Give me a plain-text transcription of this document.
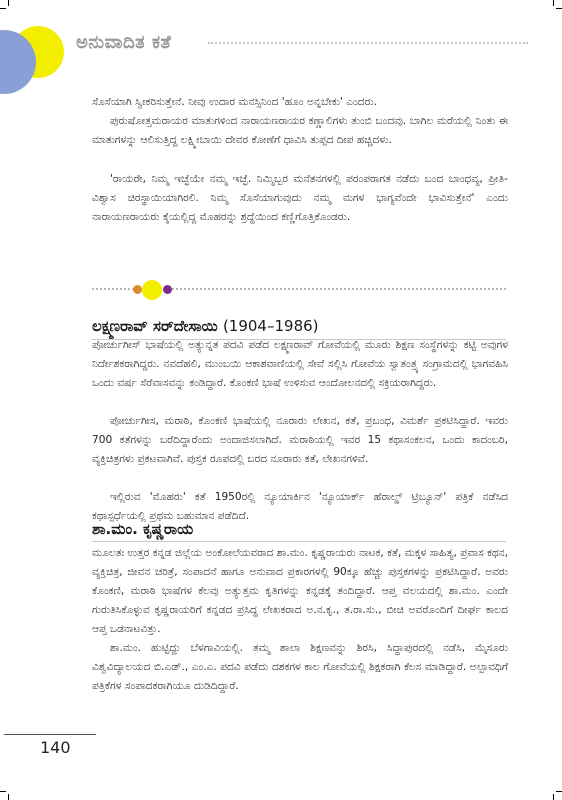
ಅನುವಾದಿತ ಕತೆ

ಸೊಸೆಯಾಗಿ ಸ್ವೀಕರಿಸುತ್ತೇನೆ. ನೀವು ಉದಾರ ಮನಸ್ಸಿನಿಂದ 'ಹೂಂ ಅನ್ನಬೇಕು' ಎಂದರು.

ಪುರುಷೋತ್ತಮರಾಯರ ಮಾತುಗಳಿಂದ ನಾರಾಯಣರಾಯರ ಕಣ್ಣಾಲಿಗಳು ತುಂಬಿ ಬಂದವು. ಬಾಗಿಲ ಮರೆಯಲ್ಲಿ ನಿಂತು ಈ ಮಾತುಗಳನ್ನು ಆಲಿಸುತ್ತಿದ್ದ ಲಕ್ಷ್ಮೀಬಾಯಿ ದೇವರ ಕೋಣೆಗೆ ಧಾವಿಸಿ ತುಪ್ಪದ ದೀಪ ಹಚ್ಚಿದಳು.

'ರಾಯರೇ, ನಿಮ್ಮ ಇಚ್ಛೆಯೇ ನಮ್ಮ ಇಚ್ಛೆ. ನಿಮ್ಮಿಬ್ಬರ ಮನೆತನಗಳಲ್ಲಿ ಪರಂಪರಾಗತ ನಡೆದು ಬಂದ ಬಾಂಧವ್ಯ, ಪ್ರೀತಿ-ವಿಶ್ವಾಸ ಚಿರಸ್ಥಾಯಿಯಾಗಿರಲಿ. ನಿಮ್ಮ ಸೊಸೆಯಾಗುವುದು ನಮ್ಮ ಮಗಳ ಭಾಗ್ಯವೆಂದೇ ಭಾವಿಸುತ್ತೇನೆ' ಎಂದು ನಾರಾಯಣರಾಯರು ಕೈಯಲ್ಲಿದ್ದ ಮೊಹರನ್ನು ಶ್ರದ್ಧೆಯಿಂದ ಕಣ್ಣಿಗೊತ್ತಿಕೊಂಡರು.

ಲಕ್ಷ್ಮಣರಾವ್ ಸರ್‌ದೇಸಾಯಿ (1904–1986)

ಪೋರ್ಚುಗೀಸ್ ಭಾಷೆಯಲ್ಲಿ ಅತ್ಯುನ್ನತ ಪದವಿ ಪಡೆದ ಲಕ್ಷ್ಮಣರಾವ್ ಗೋವೆಯಲ್ಲಿ ಮೂರು ಶಿಕ್ಷಣ ಸಂಸ್ಥೆಗಳನ್ನು ಕಟ್ಟಿ ಅವುಗಳ ನಿರ್ದೇಶಕರಾಗಿದ್ದರು. ನವದೆಹಲಿ, ಮುಂಬಯಿ ಆಕಾಶವಾಣಿಯಲ್ಲಿ ಸೇವೆ ಸಲ್ಲಿಸಿ ಗೋವೆಯ ಸ್ವಾತಂತ್ರ್ಯ ಸಂಗ್ರಾಮದಲ್ಲಿ ಭಾಗವಹಿಸಿ ಒಂದು ವರ್ಷ ಸೆರೆವಾಸವನ್ನು ಕಂಡಿದ್ದಾರೆ. ಕೊಂಕಣಿ ಭಾಷೆ ಉಳಿಸುವ ಆಂದೋಲನದಲ್ಲಿ ಸಕ್ರಿಯರಾಗಿದ್ದರು.

ಪೋರ್ಚುಗೀಸ, ಮರಾಠಿ, ಕೊಂಕಣಿ ಭಾಷೆಯಲ್ಲಿ ನೂರಾರು ಲೇಖನ, ಕತೆ, ಪ್ರಬಂಧ, ವಿಮರ್ಶೆ ಪ್ರಕಟಿಸಿದ್ದಾರೆ. ಇವರು 700 ಕತೆಗಳನ್ನು ಬರೆದಿದ್ದಾರೆಂದು ಅಂದಾಜಿಸಲಾಗಿದೆ. ಮರಾಠಿಯಲ್ಲಿ ಇವರ 15 ಕಥಾಸಂಕಲನ, ಒಂದು ಕಾದಂಬರಿ, ವ್ಯಕ್ತಿಚಿತ್ರಗಳು ಪ್ರಕಟವಾಗಿವೆ. ಪುಸ್ತಕ ರೂಪದಲ್ಲಿ ಬರದ ನೂರಾರು ಕತೆ, ಲೇಖನಗಳಿವೆ.

ಇಲ್ಲಿರುವ 'ಮೊಹರು' ಕತೆ 1950ರಲ್ಲಿ ನ್ಯೂಯಾರ್ಕಿನ 'ನ್ಯೂಯಾರ್ಕ್ ಹೆರಾಲ್ಡ್ ಟ್ರಿಬ್ಯೂನ್' ಪತ್ರಿಕೆ ನಡೆಸಿದ ಕಥಾಸ್ಪರ್ಧೆಯಲ್ಲಿ ಪ್ರಥಮ ಬಹುಮಾನ ಪಡೆದಿದೆ.

ಶಾ.ಮಂ. ಕೃಷ್ಣರಾಯ

ಮೂಲತಃ ಉತ್ತರ ಕನ್ನಡ ಜಿಲ್ಲೆಯ ಅಂಕೋಲೆಯವರಾದ ಶಾ.ಮಂ. ಕೃಷ್ಣರಾಯರು ನಾಟಕ, ಕತೆ, ಮಕ್ಕಳ ಸಾಹಿತ್ಯ, ಪ್ರವಾಸ ಕಥನ, ವ್ಯಕ್ತಿಚಿತ್ರ, ಜೀವನ ಚರಿತ್ರೆ, ಸಂಪಾದನೆ ಹಾಗೂ ಅನುವಾದ ಪ್ರಕಾರಗಳಲ್ಲಿ 90ಕ್ಕೂ ಹೆಚ್ಚು ಪುಸ್ತಕಗಳನ್ನು ಪ್ರಕಟಿಸಿದ್ದಾರೆ. ಅವರು ಕೊಂಕಣಿ, ಮರಾಠಿ ಭಾಷೆಗಳ ಕೆಲವು ಅತ್ಯುತ್ತಮ ಕೃತಿಗಳನ್ನು ಕನ್ನಡಕ್ಕೆ ತಂದಿದ್ದಾರೆ. ಆಪ್ತ ವಲಯದಲ್ಲಿ ಶಾ.ಮಂ. ಎಂದೇ ಗುರುತಿಸಿಕೊಳ್ಳುವ ಕೃಷ್ಣರಾಯರಿಗೆ ಕನ್ನಡದ ಪ್ರಸಿದ್ಧ ಲೇಖಕರಾದ ಅ.ನ.ಕೃ., ತ.ರಾ.ಸು., ಬೀಚಿ ಅವರೊಂದಿಗೆ ದೀರ್ಘ ಕಾಲದ ಆಪ್ತ ಒಡನಾಟವಿತ್ತು.

ಶಾ.ಮಂ. ಹುಟ್ಟಿದ್ದು ಬೆಳಗಾವಿಯಲ್ಲಿ. ತಮ್ಮ ಶಾಲಾ ಶಿಕ್ಷಣವನ್ನು ಶಿರಸಿ, ಸಿದ್ಧಾಪುರದಲ್ಲಿ ನಡೆಸಿ, ಮೈಸೂರು ವಿಶ್ವವಿದ್ಯಾಲಯದ ಬಿ.ಎಡ್., ಎಂ.ಎ. ಪದವಿ ಪಡೆದು ದಶಕಗಳ ಕಾಲ ಗೋವೆಯಲ್ಲಿ ಶಿಕ್ಷಕರಾಗಿ ಕೆಲಸ ಮಾಡಿದ್ದಾರೆ. ಅಲ್ಪಾವಧಿಗೆ ಪತ್ರಿಕೆಗಳ ಸಂಪಾದಕರಾಗಿಯೂ ದುಡಿದಿದ್ದಾರೆ.

140
